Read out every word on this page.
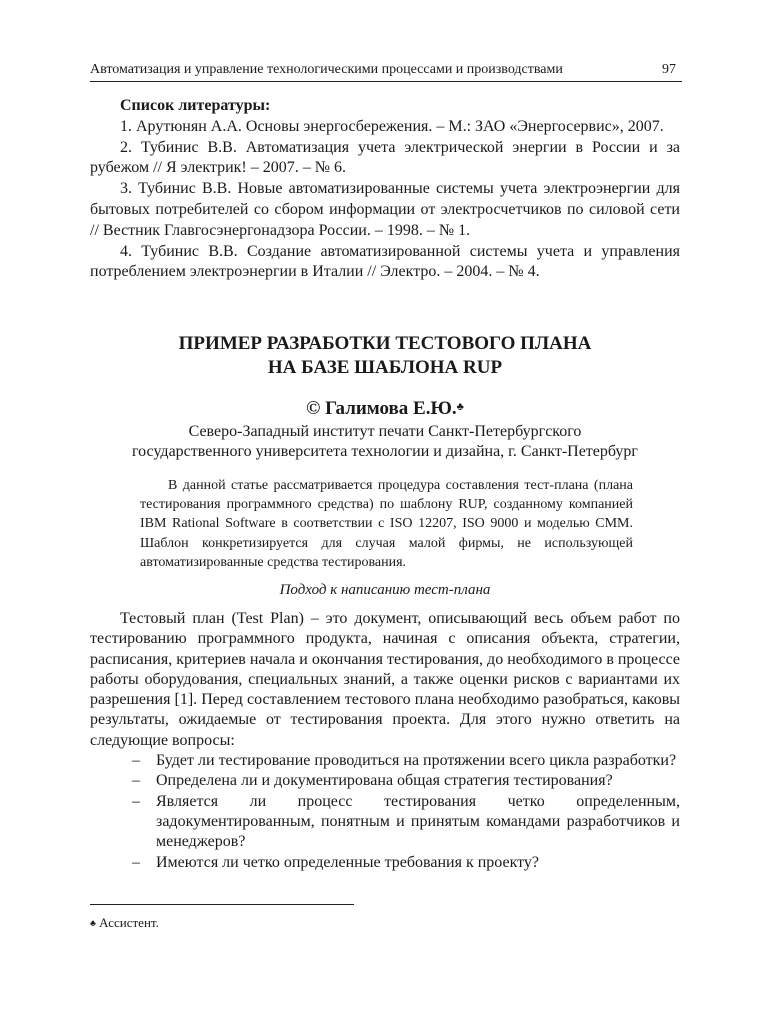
Автоматизация и управление технологическими процессами и производствами	97

Список литературы:

1. Арутюнян А.А. Основы энергосбережения. – М.: ЗАО «Энергосервис», 2007.

2. Тубинис В.В. Автоматизация учета электрической энергии в России и за рубежом // Я электрик! – 2007. – № 6.

3. Тубинис В.В. Новые автоматизированные системы учета электроэнергии для бытовых потребителей со сбором информации от электросчетчиков по силовой сети // Вестник Главгосэнергонадзора России. – 1998. – № 1.

4. Тубинис В.В. Создание автоматизированной системы учета и управления потреблением электроэнергии в Италии // Электро. – 2004. – № 4.

ПРИМЕР РАЗРАБОТКИ ТЕСТОВОГО ПЛАНА
НА БАЗЕ ШАБЛОНА RUP
© Галимова Е.Ю.♣
Северо-Западный институт печати Санкт-Петербургского
государственного университета технологии и дизайна, г. Санкт-Петербург

В данной статье рассматривается процедура составления тест-плана (плана тестирования программного средства) по шаблону RUP, созданному компанией IBM Rational Software в соответствии с ISO 12207, ISO 9000 и моделью CMM. Шаблон конкретизируется для случая малой фирмы, не использующей автоматизированные средства тестирования.

Подход к написанию тест-плана

Тестовый план (Test Plan) – это документ, описывающий весь объем работ по тестированию программного продукта, начиная с описания объекта, стратегии, расписания, критериев начала и окончания тестирования, до необходимого в процессе работы оборудования, специальных знаний, а также оценки рисков с вариантами их разрешения [1]. Перед составлением тестового плана необходимо разобраться, каковы результаты, ожидаемые от тестирования проекта. Для этого нужно ответить на следующие вопросы:

– Будет ли тестирование проводиться на протяжении всего цикла разработки?
– Определена ли и документирована общая стратегия тестирования?
– Является ли процесс тестирования четко определенным, задокументированным, понятным и принятым командами разработчиков и менеджеров?
– Имеются ли четко определенные требования к проекту?
♣ Ассистент.
